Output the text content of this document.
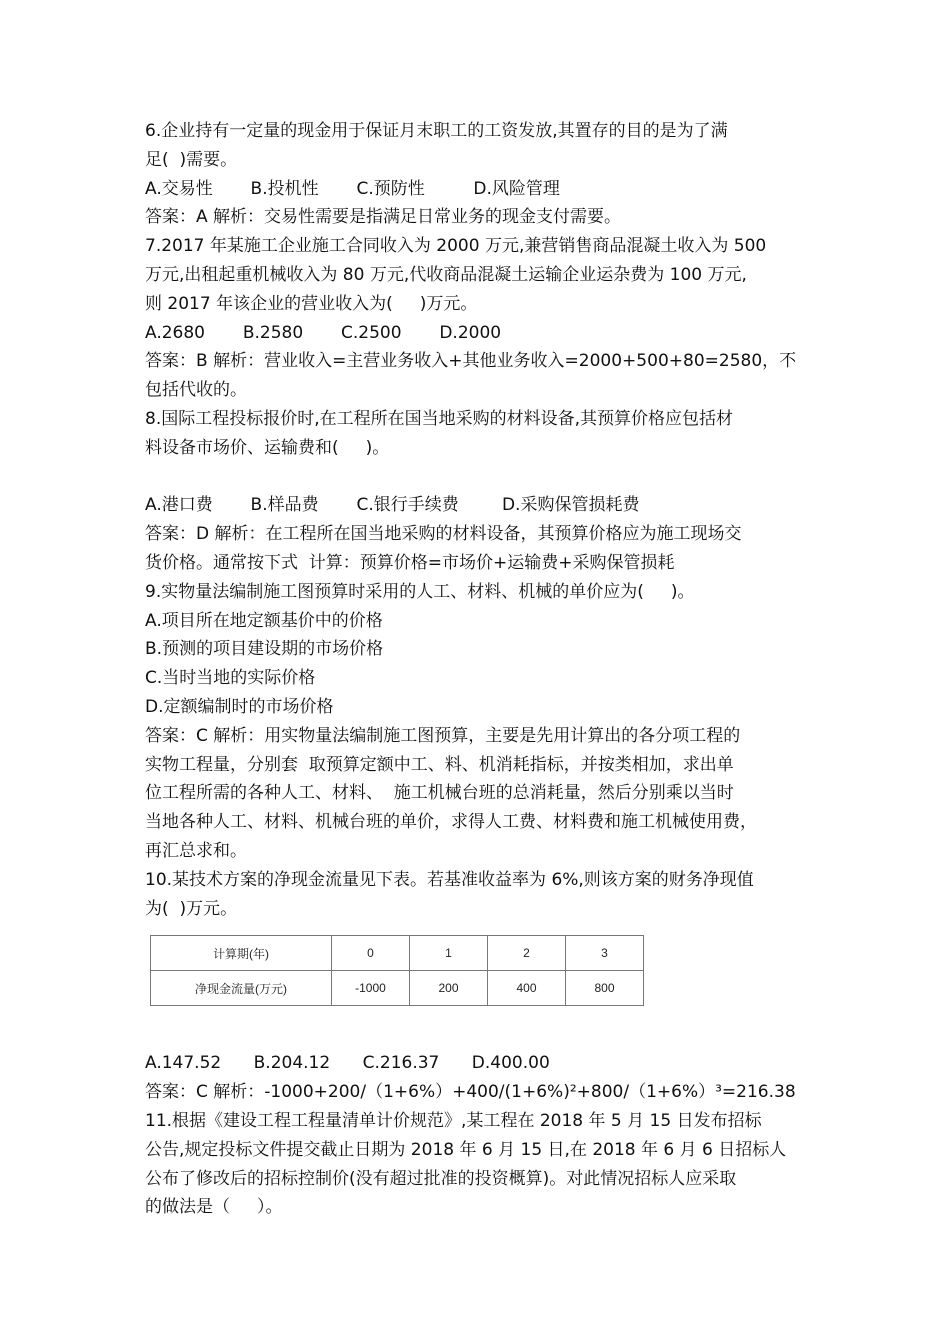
6.企业持有一定量的现金用于保证月末职工的工资发放,其置存的目的是为了满
足(  )需要。
A.交易性       B.投机性       C.预防性         D.风险管理
答案：A 解析：交易性需要是指满足日常业务的现金支付需要。
7.2017 年某施工企业施工合同收入为 2000 万元,兼营销售商品混凝土收入为 500
万元,出租起重机械收入为 80 万元,代收商品混凝土运输企业运杂费为 100 万元,
则 2017 年该企业的营业收入为(     )万元。
A.2680       B.2580       C.2500       D.2000
答案：B 解析：营业收入=主营业务收入+其他业务收入=2000+500+80=2580，不
包括代收的。
8.国际工程投标报价时,在工程所在国当地采购的材料设备,其预算价格应包括材
料设备市场价、运输费和(     )。
A.港口费       B.样品费       C.银行手续费        D.采购保管损耗费
答案：D 解析：在工程所在国当地采购的材料设备，其预算价格应为施工现场交
货价格。通常按下式  计算：预算价格=市场价+运输费+采购保管损耗
9.实物量法编制施工图预算时采用的人工、材料、机械的单价应为(     )。
A.项目所在地定额基价中的价格
B.预测的项目建设期的市场价格
C.当时当地的实际价格
D.定额编制时的市场价格
答案：C 解析：用实物量法编制施工图预算，主要是先用计算出的各分项工程的
实物工程量，分别套  取预算定额中工、料、机消耗指标，并按类相加，求出单
位工程所需的各种人工、材料、  施工机械台班的总消耗量，然后分别乘以当时
当地各种人工、材料、机械台班的单价，求得人工费、材料费和施工机械使用费，
再汇总求和。
10.某技术方案的净现金流量见下表。若基准收益率为 6%,则该方案的财务净现值
为(  )万元。
计算期(年)	0	1	2	3
净现金流量(万元)	-1000	200	400	800
A.147.52      B.204.12      C.216.37      D.400.00
答案：C 解析：-1000+200/（1+6%）+400/(1+6%)²+800/（1+6%）³=216.38
11.根据《建设工程工程量清单计价规范》,某工程在 2018 年 5 月 15 日发布招标
公告,规定投标文件提交截止日期为 2018 年 6 月 15 日,在 2018 年 6 月 6 日招标人
公布了修改后的招标控制价(没有超过批准的投资概算)。对此情况招标人应采取
的做法是（     ）。
